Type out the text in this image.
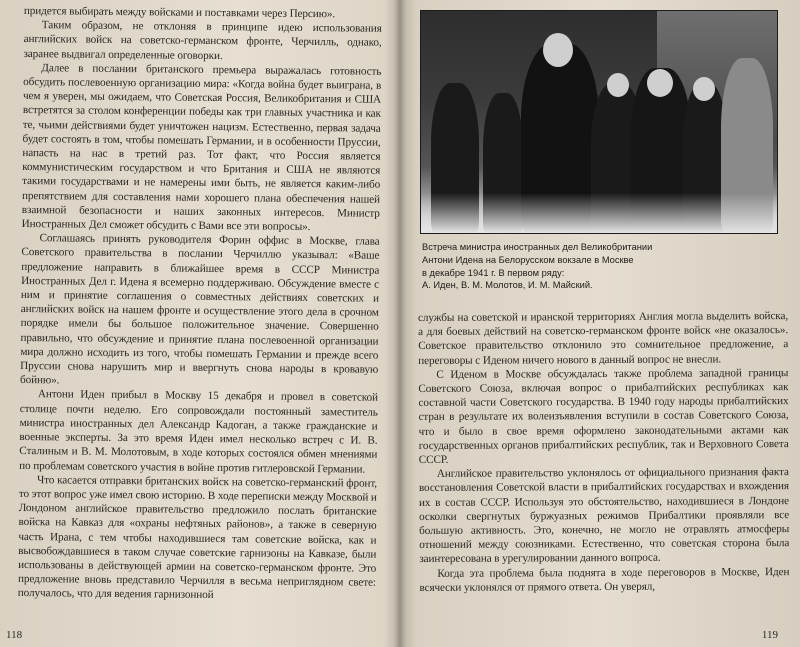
придется выбирать между войсками и поставками через Персию».

Таким образом, не отклоняя в принципе идею использования английских войск на советско-германском фронте, Черчилль, однако, заранее выдвигал определенные оговорки.

Далее в послании британского премьера выражалась готовность обсудить послевоенную организацию мира: «Когда война будет выиграна, в чем я уверен, мы ожидаем, что Советская Россия, Великобритания и США встретятся за столом конференции победы как три главных участника и как те, чьими действиями будет уничтожен нацизм. Естественно, первая задача будет состоять в том, чтобы помешать Германии, и в особенности Пруссии, напасть на нас в третий раз. Тот факт, что Россия является коммунистическим государством и что Британия и США не являются такими государствами и не намерены ими быть, не является каким-либо препятствием для составления нами хорошего плана обеспечения нашей взаимной безопасности и наших законных интересов. Министр Иностранных Дел сможет обсудить с Вами все эти вопросы».

Соглашаясь принять руководителя Форин оффис в Москве, глава Советского правительства в послании Черчиллю указывал: «Ваше предложение направить в ближайшее время в СССР Министра Иностранных Дел г. Идена я всемерно поддерживаю. Обсуждение вместе с ним и принятие соглашения о совместных действиях советских и английских войск на нашем фронте и осуществление этого дела в срочном порядке имели бы большое положительное значение. Совершенно правильно, что обсуждение и принятие плана послевоенной организации мира должно исходить из того, чтобы помешать Германии и прежде всего Пруссии снова нарушить мир и ввергнуть снова народы в кровавую бойню».

Антони Иден прибыл в Москву 15 декабря и провел в советской столице почти неделю. Его сопровождали постоянный заместитель министра иностранных дел Александр Кадоган, а также гражданские и военные эксперты. За это время Иден имел несколько встреч с И. В. Сталиным и В. М. Молотовым, в ходе которых состоялся обмен мнениями по проблемам советского участия в войне против гитлеровской Германии.

Что касается отправки британских войск на советско-германский фронт, то этот вопрос уже имел свою историю. В ходе переписки между Москвой и Лондоном английское правительство предложило послать британские войска на Кавказ для «охраны нефтяных районов», а также в северную часть Ирана, с тем чтобы находившиеся там советские войска, как и высвобождавшиеся в таком случае советские гарнизоны на Кавказе, были использованы в действующей армии на советско-германском фронте. Это предложение вновь представило Черчилля в весьма неприглядном свете: получалось, что для ведения гарнизонной

118
Встреча министра иностранных дел Великобритании
Антони Идена на Белорусском вокзале в Москве
в декабре 1941 г. В первом ряду:
А. Иден, В. М. Молотов, И. М. Майский.

службы на советской и иранской территориях Англия могла выделить войска, а для боевых действий на советско-германском фронте войск «не оказалось». Советское правительство отклонило это сомнительное предложение, а переговоры с Иденом ничего нового в данный вопрос не внесли.

С Иденом в Москве обсуждалась также проблема западной границы Советского Союза, включая вопрос о прибалтийских республиках как составной части Советского государства. В 1940 году народы прибалтийских стран в результате их волеизъявления вступили в состав Советского Союза, что и было в свое время оформлено законодательными актами как государственных органов прибалтийских республик, так и Верховного Совета СССР.

Английское правительство уклонялось от официального признания факта восстановления Советской власти в прибалтийских государствах и вхождения их в состав СССР. Используя это обстоятельство, находившиеся в Лондоне осколки свергнутых буржуазных режимов Прибалтики проявляли все большую активность. Это, конечно, не могло не отравлять атмосферы отношений между союзниками. Естественно, что советская сторона была заинтересована в урегулировании данного вопроса.

Когда эта проблема была поднята в ходе переговоров в Москве, Иден всячески уклонялся от прямого ответа. Он уверял,

119
